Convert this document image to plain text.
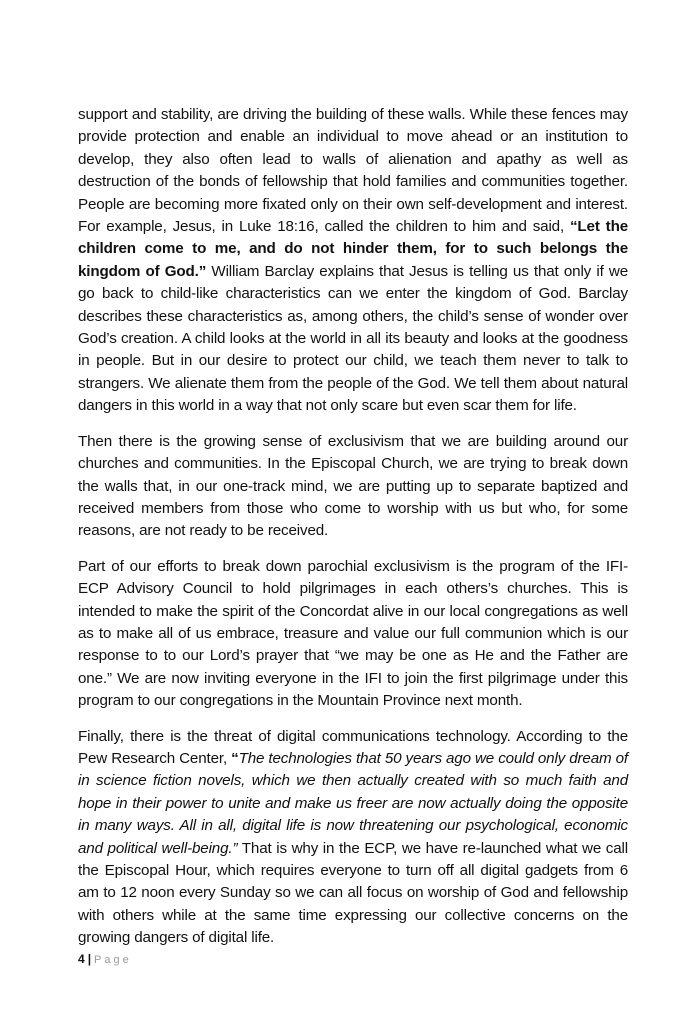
support and stability, are driving the building of these walls. While these fences may provide protection and enable an individual to move ahead or an institution to develop, they also often lead to walls of alienation and apathy as well as destruction of the bonds of fellowship that hold families and communities together. People are becoming more fixated only on their own self-development and interest. For example, Jesus, in Luke 18:16, called the children to him and said, “Let the children come to me, and do not hinder them, for to such belongs the kingdom of God.” William Barclay explains that Jesus is telling us that only if we go back to child-like characteristics can we enter the kingdom of God. Barclay describes these characteristics as, among others, the child’s sense of wonder over God’s creation. A child looks at the world in all its beauty and looks at the goodness in people. But in our desire to protect our child, we teach them never to talk to strangers. We alienate them from the people of the God. We tell them about natural dangers in this world in a way that not only scare but even scar them for life.

Then there is the growing sense of exclusivism that we are building around our churches and communities. In the Episcopal Church, we are trying to break down the walls that, in our one-track mind, we are putting up to separate baptized and received members from those who come to worship with us but who, for some reasons, are not ready to be received.

Part of our efforts to break down parochial exclusivism is the program of the IFI-ECP Advisory Council to hold pilgrimages in each others’s churches. This is intended to make the spirit of the Concordat alive in our local congregations as well as to make all of us embrace, treasure and value our full communion which is our response to to our Lord’s prayer that “we may be one as He and the Father are one.” We are now inviting everyone in the IFI to join the first pilgrimage under this program to our congregations in the Mountain Province next month.

Finally, there is the threat of digital communications technology. According to the Pew Research Center, “The technologies that 50 years ago we could only dream of in science fiction novels, which we then actually created with so much faith and hope in their power to unite and make us freer are now actually doing the opposite in many ways. All in all, digital life is now threatening our psychological, economic and political well-being.” That is why in the ECP, we have re-launched what we call the Episcopal Hour, which requires everyone to turn off all digital gadgets from 6 am to 12 noon every Sunday so we can all focus on worship of God and fellowship with others while at the same time expressing our collective concerns on the growing dangers of digital life.

4 | Page
